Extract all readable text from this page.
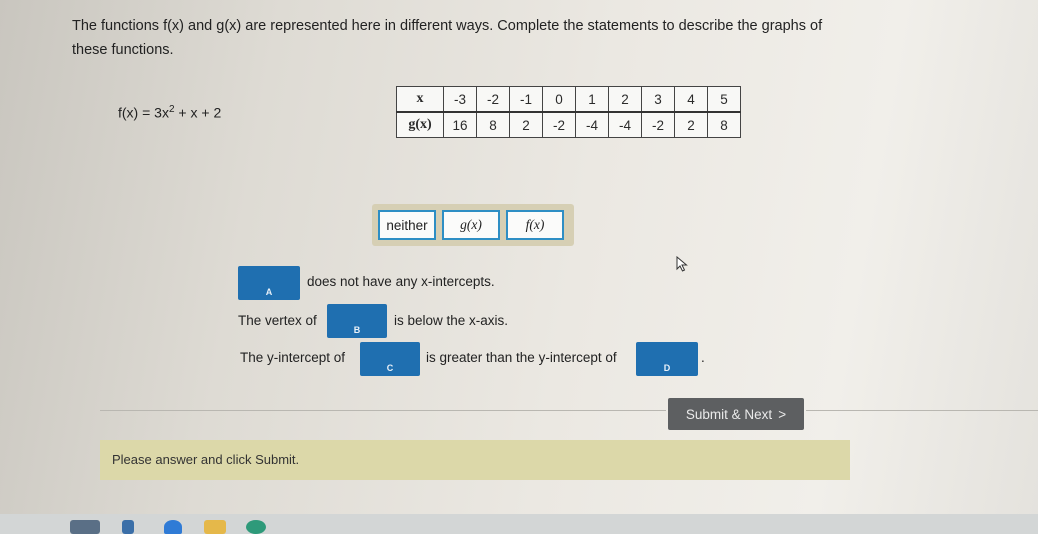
The functions f(x) and g(x) are represented here in different ways. Complete the statements to describe the graphs of
these functions.
$f(x) = 3x^2 + x + 2$
x	-3	-2	-1	0	1	2	3	4	5
g(x)	16	8	2	-2	-4	-4	-2	2	8
neither	g(x)	f(x)
A
does not have any x-intercepts.
The vertex of
B
is below the x-axis.
The y-intercept of
C
is greater than the y-intercept of
D
.
Submit & Next >
Please answer and click Submit.
